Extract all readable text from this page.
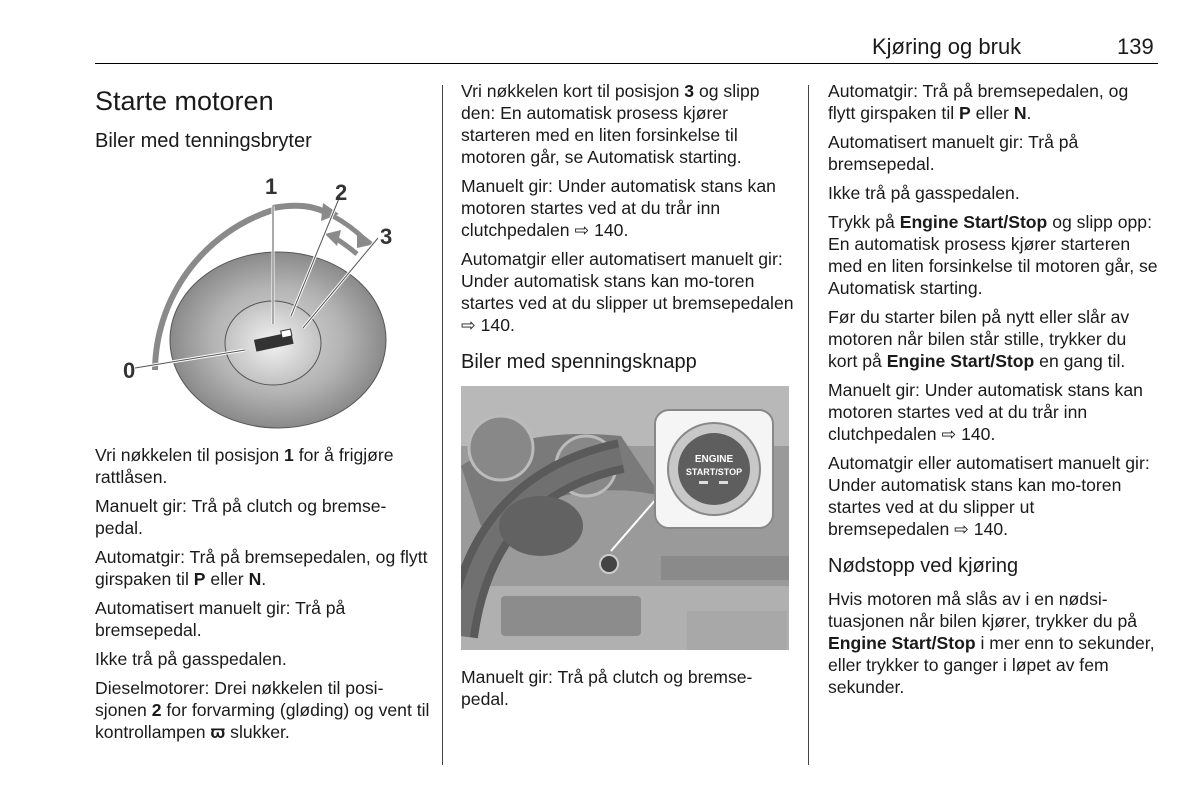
Kjøring og bruk	139
Starte motoren
Biler med tenningsbryter
1	2
3
0

Vri nøkkelen til posisjon 1 for å frigjøre rattlåsen.

Manuelt gir: Trå på clutch og bremse-pedal.

Automatgir: Trå på bremsepedalen, og flytt girspaken til P eller N.

Automatisert manuelt gir: Trå på bremsepedal.

Ikke trå på gasspedalen.

Dieselmotorer: Drei nøkkelen til posi-sjonen 2 for forvarming (gløding) og vent til kontrollampen ϖ slukker.

Vri nøkkelen kort til posisjon 3 og slipp den: En automatisk prosess kjører starteren med en liten forsinkelse til motoren går, se Automatisk starting.

Manuelt gir: Under automatisk stans kan motoren startes ved at du trår inn clutchpedalen ⇨ 140.

Automatgir eller automatisert manuelt gir: Under automatisk stans kan mo-toren startes ved at du slipper ut bremsepedalen ⇨ 140.

Biler med spenningsknapp
ENGINE
START/STOP

Manuelt gir: Trå på clutch og bremse-pedal.

Automatgir: Trå på bremsepedalen, og flytt girspaken til P eller N.

Automatisert manuelt gir: Trå på bremsepedal.

Ikke trå på gasspedalen.

Trykk på Engine Start/Stop og slipp opp: En automatisk prosess kjører starteren med en liten forsinkelse til motoren går, se Automatisk starting.

Før du starter bilen på nytt eller slår av motoren når bilen står stille, trykker du kort på Engine Start/Stop en gang til.

Manuelt gir: Under automatisk stans kan motoren startes ved at du trår inn clutchpedalen ⇨ 140.

Automatgir eller automatisert manuelt gir: Under automatisk stans kan mo-toren startes ved at du slipper ut bremsepedalen ⇨ 140.

Nødstopp ved kjøring

Hvis motoren må slås av i en nødsi-tuasjonen når bilen kjører, trykker du på Engine Start/Stop i mer enn to sekunder, eller trykker to ganger i løpet av fem sekunder.
